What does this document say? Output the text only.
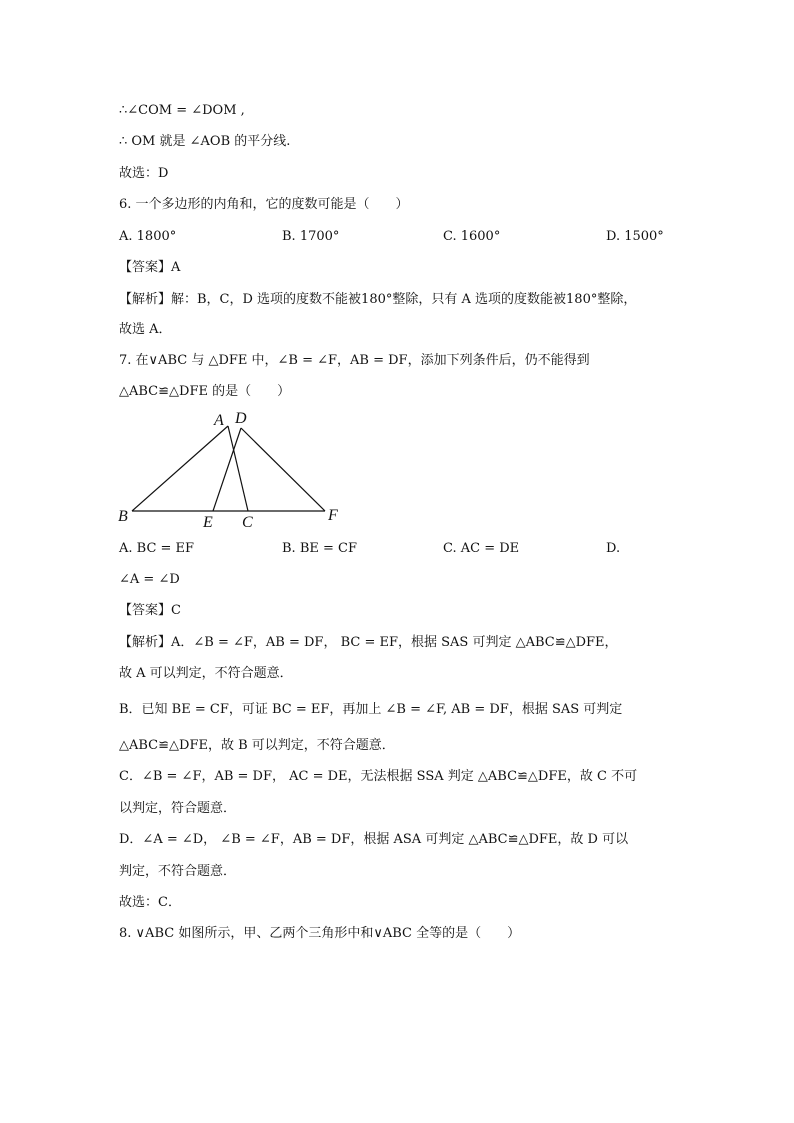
∴∠COM = ∠DOM ,
∴ OM 就是 ∠AOB 的平分线.
故选：D
6. 一个多边形的内角和，它的度数可能是（　　）
A. 1800°	B. 1700°	C. 1600°	D. 1500°
【答案】A
【解析】解：B，C，D 选项的度数不能被180°整除，只有 A 选项的度数能被180°整除，
故选 A．
7. 在∨ABC 与 △DFE 中，∠B = ∠F，AB = DF，添加下列条件后，仍不能得到
△ABC≌△DFE 的是（　　）
A D
B	E C	F
A. BC = EF	B. BE = CF	C. AC = DE	D.
∠A = ∠D
【答案】C
【解析】A．∠B = ∠F，AB = DF， BC = EF，根据 SAS 可判定 △ABC≌△DFE，
故 A 可以判定，不符合题意．
B．已知 BE = CF，可证 BC = EF，再加上 ∠B = ∠F, AB = DF，根据 SAS 可判定
△ABC≌△DFE，故 B 可以判定，不符合题意．
C．∠B = ∠F，AB = DF， AC = DE，无法根据 SSA 判定 △ABC≌△DFE，故 C 不可
以判定，符合题意．
D．∠A = ∠D， ∠B = ∠F，AB = DF，根据 ASA 可判定 △ABC≌△DFE，故 D 可以
判定，不符合题意．
故选：C．
8. ∨ABC 如图所示，甲、乙两个三角形中和∨ABC 全等的是（　　）
